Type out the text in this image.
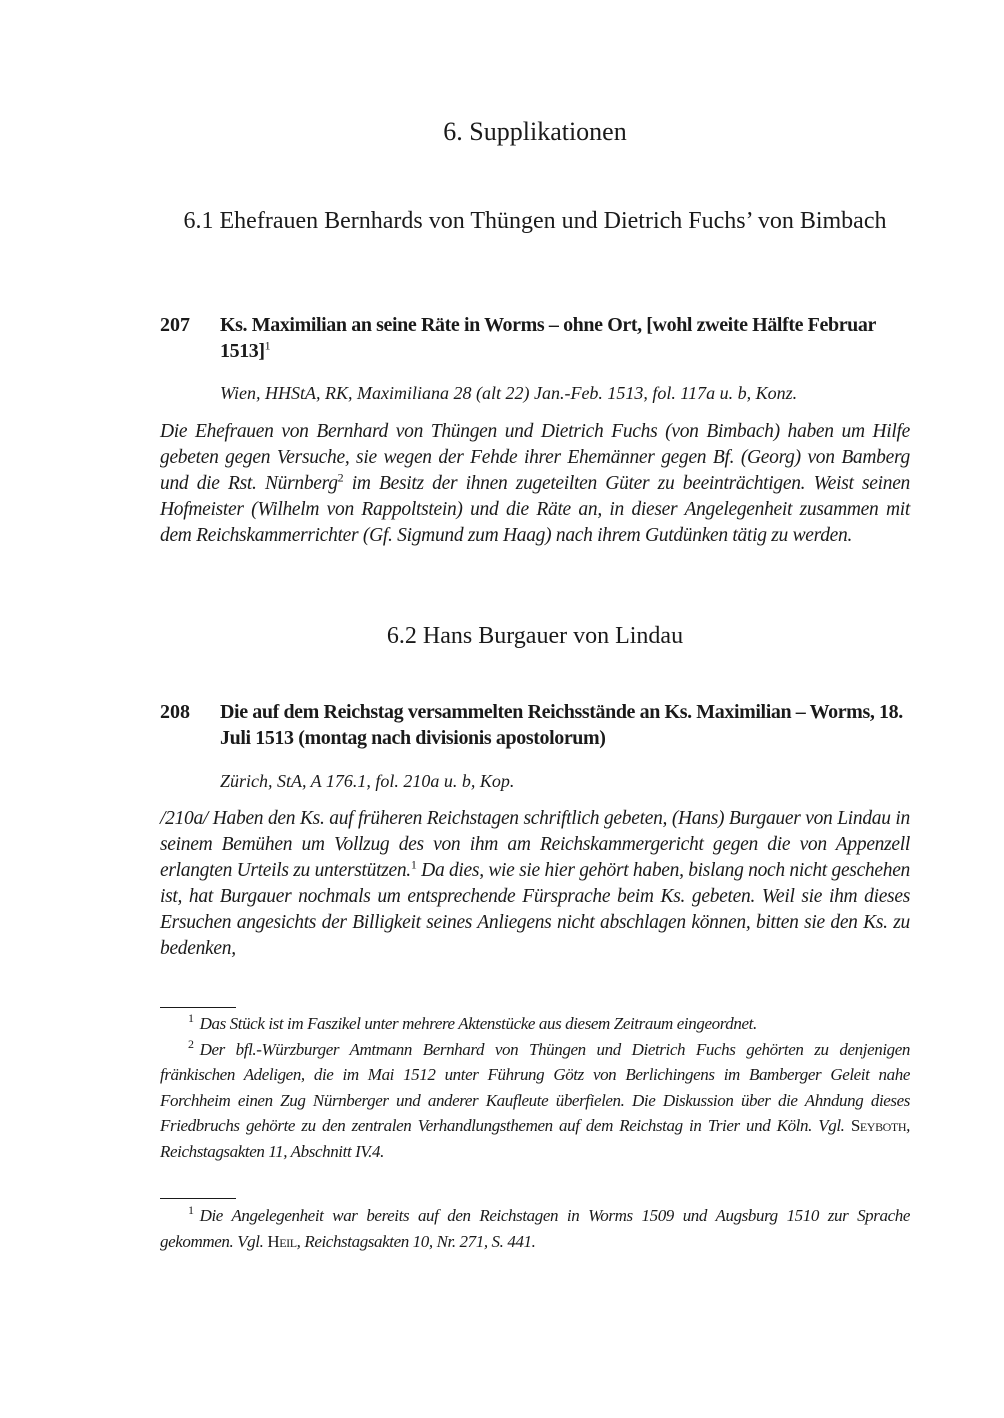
6. Supplikationen
6.1 Ehefrauen Bernhards von Thüngen und Dietrich Fuchs’ von Bimbach
207	Ks. Maximilian an seine Räte in Worms – ohne Ort, [wohl zweite Hälfte Februar 1513]$^1$
Wien, HHStA, RK, Maximiliana 28 (alt 22) Jan.-Feb. 1513, fol. 117a u. b, Konz.
Die Ehefrauen von Bernhard von Thüngen und Dietrich Fuchs (von Bimbach) haben um Hilfe gebeten gegen Versuche, sie wegen der Fehde ihrer Ehemänner gegen Bf. (Georg) von Bamberg und die Rst. Nürnberg$^2$ im Besitz der ihnen zugeteilten Güter zu beeinträchtigen. Weist seinen Hofmeister (Wilhelm von Rappoltstein) und die Räte an, in dieser Angelegenheit zusammen mit dem Reichskammerrichter (Gf. Sigmund zum Haag) nach ihrem Gutdünken tätig zu werden.
6.2 Hans Burgauer von Lindau
208	Die auf dem Reichstag versammelten Reichsstände an Ks. Maximilian – Worms, 18. Juli 1513 (montag nach divisionis apostolorum)
Zürich, StA, A 176.1, fol. 210a u. b, Kop.
/210a/ Haben den Ks. auf früheren Reichstagen schriftlich gebeten, (Hans) Burgauer von Lindau in seinem Bemühen um Vollzug des von ihm am Reichskammergericht gegen die von Appenzell erlangten Urteils zu unterstützen.$^1$ Da dies, wie sie hier gehört haben, bislang noch nicht geschehen ist, hat Burgauer nochmals um entsprechende Fürsprache beim Ks. gebeten. Weil sie ihm dieses Ersuchen angesichts der Billigkeit seines Anliegens nicht abschlagen können, bitten sie den Ks. zu bedenken,

$^1$ Das Stück ist im Faszikel unter mehrere Aktenstücke aus diesem Zeitraum eingeordnet.

$^2$ Der bfl.-Würzburger Amtmann Bernhard von Thüngen und Dietrich Fuchs gehörten zu denjenigen fränkischen Adeligen, die im Mai 1512 unter Führung Götz von Berlichingens im Bamberger Geleit nahe Forchheim einen Zug Nürnberger und anderer Kaufleute überfielen. Die Diskussion über die Ahndung dieses Friedbruchs gehörte zu den zentralen Verhandlungsthemen auf dem Reichstag in Trier und Köln. Vgl. Seyboth, Reichstagsakten 11, Abschnitt IV.4.

$^1$ Die Angelegenheit war bereits auf den Reichstagen in Worms 1509 und Augsburg 1510 zur Sprache gekommen. Vgl. Heil, Reichstagsakten 10, Nr. 271, S. 441.
